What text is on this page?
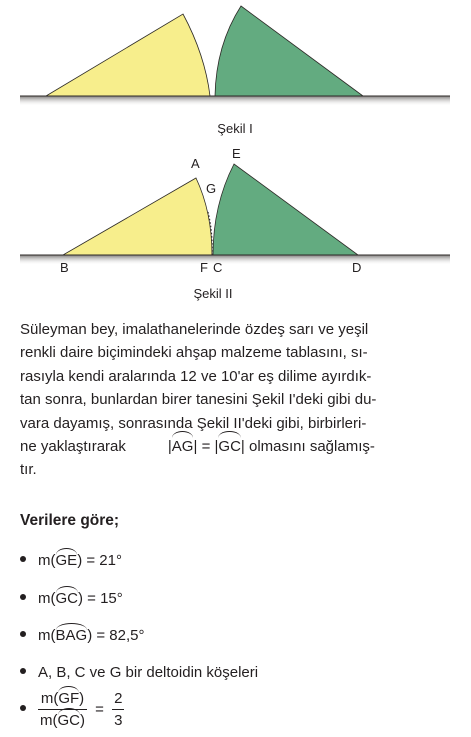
Şekil I
A
E
G
B	F C	D
Şekil II
Süleyman bey, imalathanelerinde özdeş sarı ve yeşil
renkli daire biçimindeki ahşap malzeme tablasını, sı-
rasıyla kendi aralarında 12 ve 10'ar eş dilime ayırdık-
tan sonra, bunlardan birer tanesini Şekil I'deki gibi du-
vara dayamış, sonrasında Şekil II'deki gibi, birbirleri-
ne yaklaştırarak	|AG| = |GC| olmasını sağlamış-
tır.
Verilere göre;
m(GE) = 21°
m(GC) = 15°
m(BAG) = 82,5°
A, B, C ve G bir deltoidin köşeleri
$\frac{m(GF)}{m(GC)} = \frac{2}{3}$
